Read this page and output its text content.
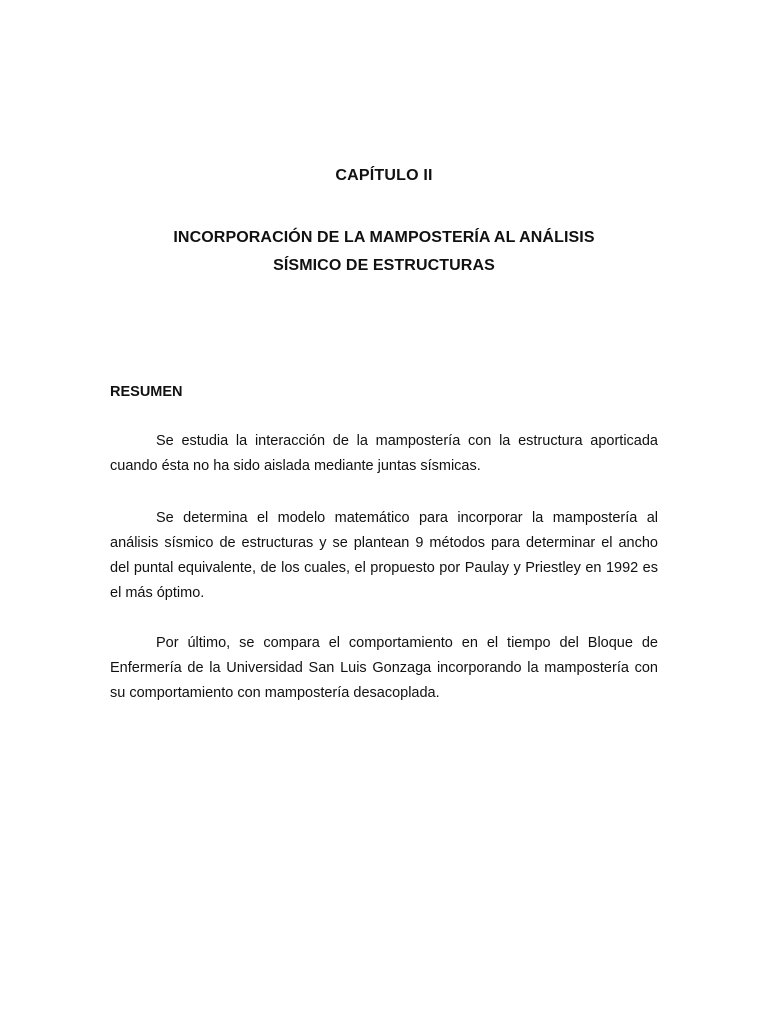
CAPÍTULO II
INCORPORACIÓN DE LA MAMPOSTERÍA AL ANÁLISIS
SÍSMICO DE ESTRUCTURAS
RESUMEN

Se estudia la interacción de la mampostería con la estructura aporticada cuando ésta no ha sido aislada mediante juntas sísmicas.

Se determina el modelo matemático para incorporar la mampostería al análisis sísmico de estructuras y se plantean 9 métodos para determinar el ancho del puntal equivalente, de los cuales, el propuesto por Paulay y Priestley en 1992 es el más óptimo.

Por último, se compara el comportamiento en el tiempo del Bloque de Enfermería de la Universidad San Luis Gonzaga incorporando la mampostería con su comportamiento con mampostería desacoplada.
